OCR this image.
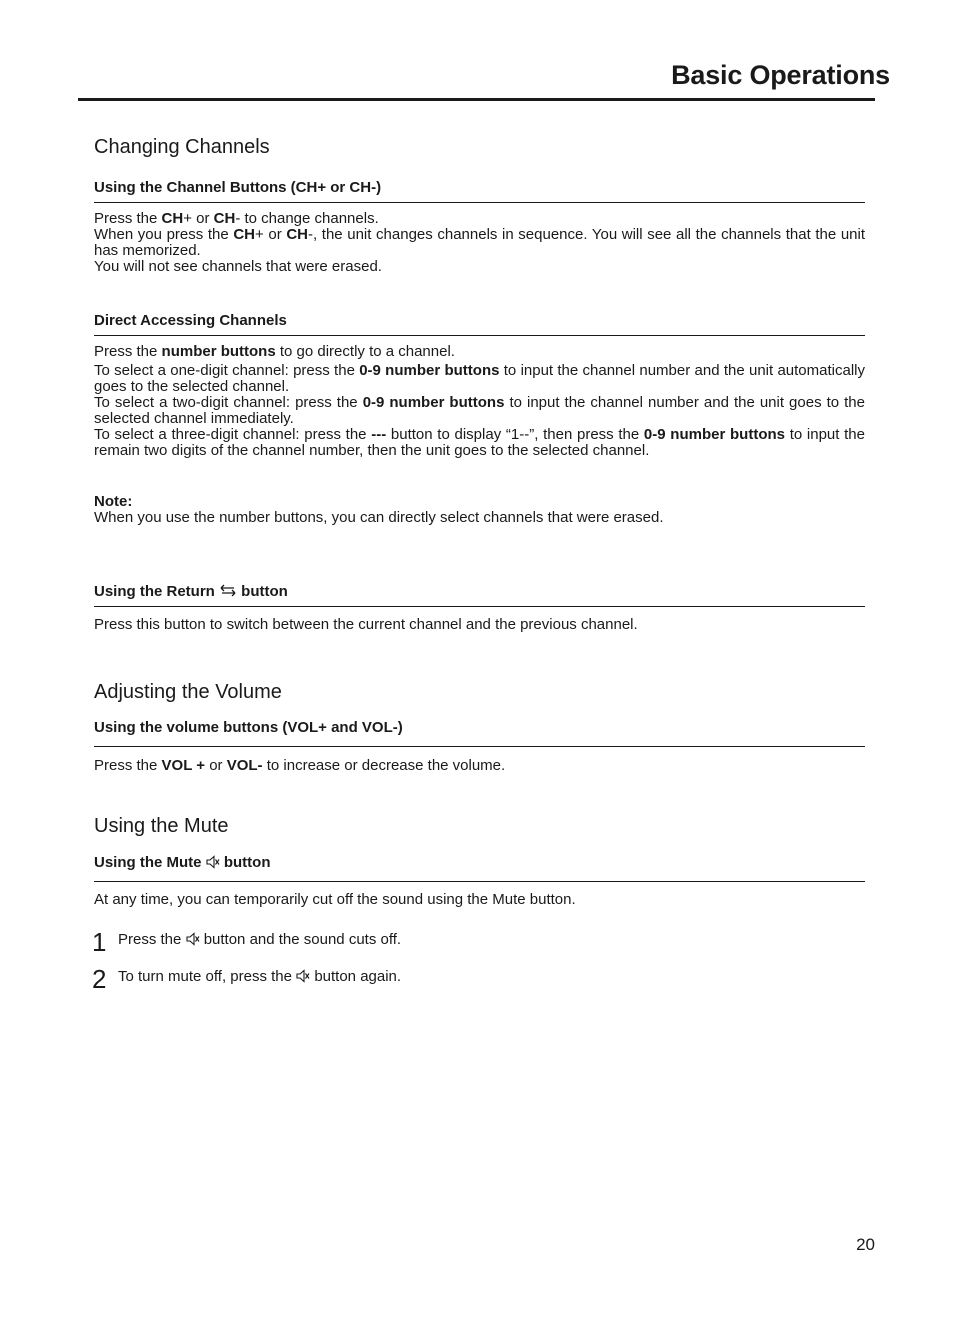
Basic Operations
Changing Channels
Using the Channel Buttons (CH+ or CH-)

Press the CH+ or CH- to change channels.

When you press the CH+ or CH-, the unit changes channels in sequence. You will see all the channels that the unit has memorized.

You will not see channels that were erased.

Direct Accessing Channels

Press the number buttons to go directly to a channel.

To select a one-digit channel: press the 0-9 number buttons to input the channel number and the unit automatically goes to the selected channel.

To select a two-digit channel: press the 0-9 number buttons to input the channel number and the unit goes to the selected channel immediately.

To select a three-digit channel: press the --- button to display “1--”, then press the 0-9 number buttons to input the remain two digits of the channel number, then the unit goes to the selected channel.

Note:

When you use the number buttons, you can directly select channels that were erased.

Using the Return  button

Press this button to switch between the current channel and the previous channel.

Adjusting the Volume
Using the volume buttons (VOL+ and VOL-)

Press the VOL + or VOL- to increase or decrease the volume.

Using the Mute
Using the Mute  button

At any time, you can temporarily cut off the sound using the Mute button.

1 Press the  button and the sound cuts off.
2 To turn mute off, press the  button again.
20
